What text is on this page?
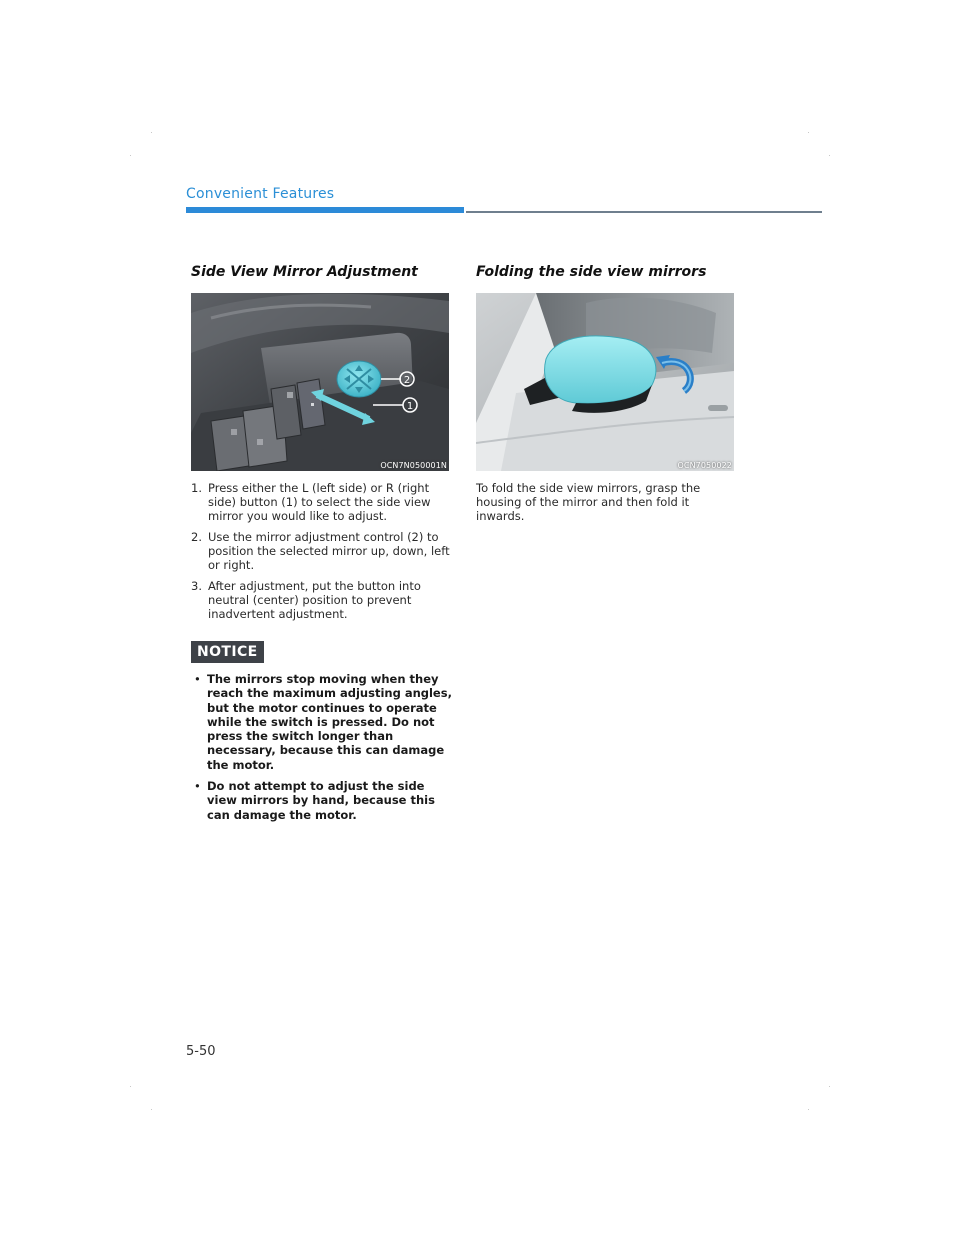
Convenient Features
Side View Mirror Adjustment
2
1
OCN7N050001N
1. Press either the L (left side) or R (right side) button (1) to select the side view mirror you would like to adjust.
2. Use the mirror adjustment control (2) to position the selected mirror up, down, left or right.
3. After adjustment, put the button into neutral (center) position to prevent inadvertent adjustment.
NOTICE
• The mirrors stop moving when they reach the maximum adjusting angles, but the motor continues to operate while the switch is pressed. Do not press the switch longer than necessary, because this can damage the motor.
• Do not attempt to adjust the side view mirrors by hand, because this can damage the motor.
Folding the side view mirrors
OCN7050022

To fold the side view mirrors, grasp the housing of the mirror and then fold it inwards.

5-50
